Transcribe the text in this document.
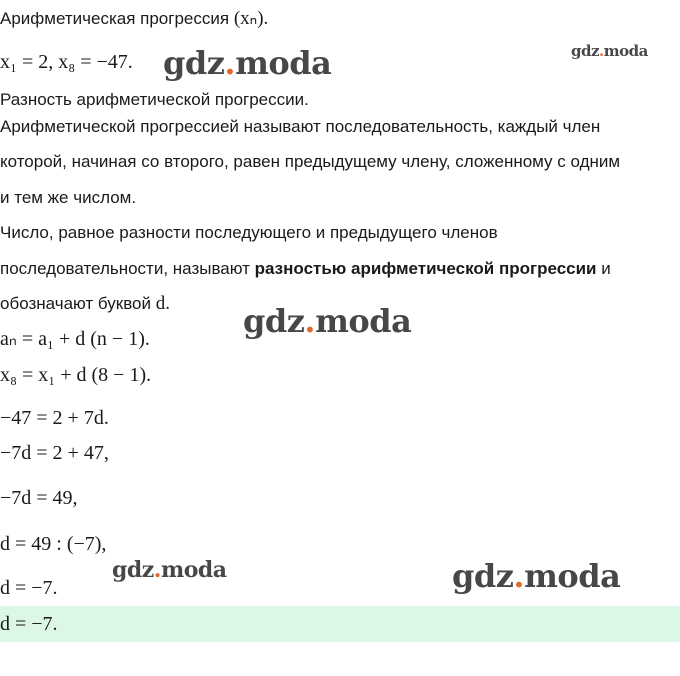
Арифметическая прогрессия (xₙ).
x₁ = 2, x₈ = −47.
Разность арифметической прогрессии.
Арифметической прогрессией называют последовательность, каждый член
которой, начиная со второго, равен предыдущему члену, сложенному с одним
и тем же числом.
Число, равное разности последующего и предыдущего членов
последовательности, называют разностью арифметической прогрессии и
обозначают буквой d.
aₙ = a₁ + d (n − 1).
x₈ = x₁ + d (8 − 1).
−47 = 2 + 7d.
−7d = 2 + 47,
−7d = 49,
d = 49 : (−7),
d = −7.
d = −7.
gdz.moda	gdz.moda
gdz.moda
gdz.moda	gdz.moda
